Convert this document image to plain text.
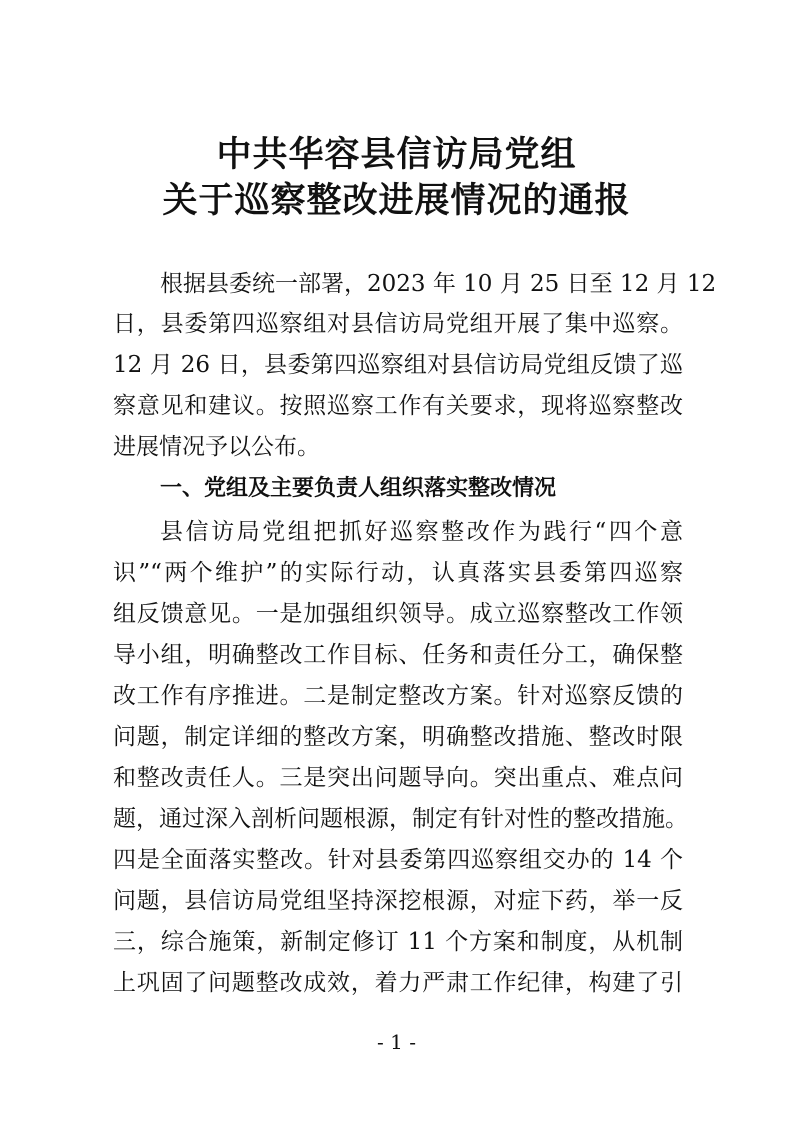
中共华容县信访局党组
关于巡察整改进展情况的通报
根据县委统一部署，2023 年 10 月 25 日至 12 月 12
日，县委第四巡察组对县信访局党组开展了集中巡察。
12 月 26 日，县委第四巡察组对县信访局党组反馈了巡
察意见和建议。按照巡察工作有关要求，现将巡察整改
进展情况予以公布。
一、党组及主要负责人组织落实整改情况
县信访局党组把抓好巡察整改作为践行“四个意
识”“两个维护”的实际行动，认真落实县委第四巡察
组反馈意见。一是加强组织领导。成立巡察整改工作领
导小组，明确整改工作目标、任务和责任分工，确保整
改工作有序推进。二是制定整改方案。针对巡察反馈的
问题，制定详细的整改方案，明确整改措施、整改时限
和整改责任人。三是突出问题导向。突出重点、难点问
题，通过深入剖析问题根源，制定有针对性的整改措施。
四是全面落实整改。针对县委第四巡察组交办的 14 个
问题，县信访局党组坚持深挖根源，对症下药，举一反
三，综合施策，新制定修订 11 个方案和制度，从机制
上巩固了问题整改成效，着力严肃工作纪律，构建了引
- 1 -
